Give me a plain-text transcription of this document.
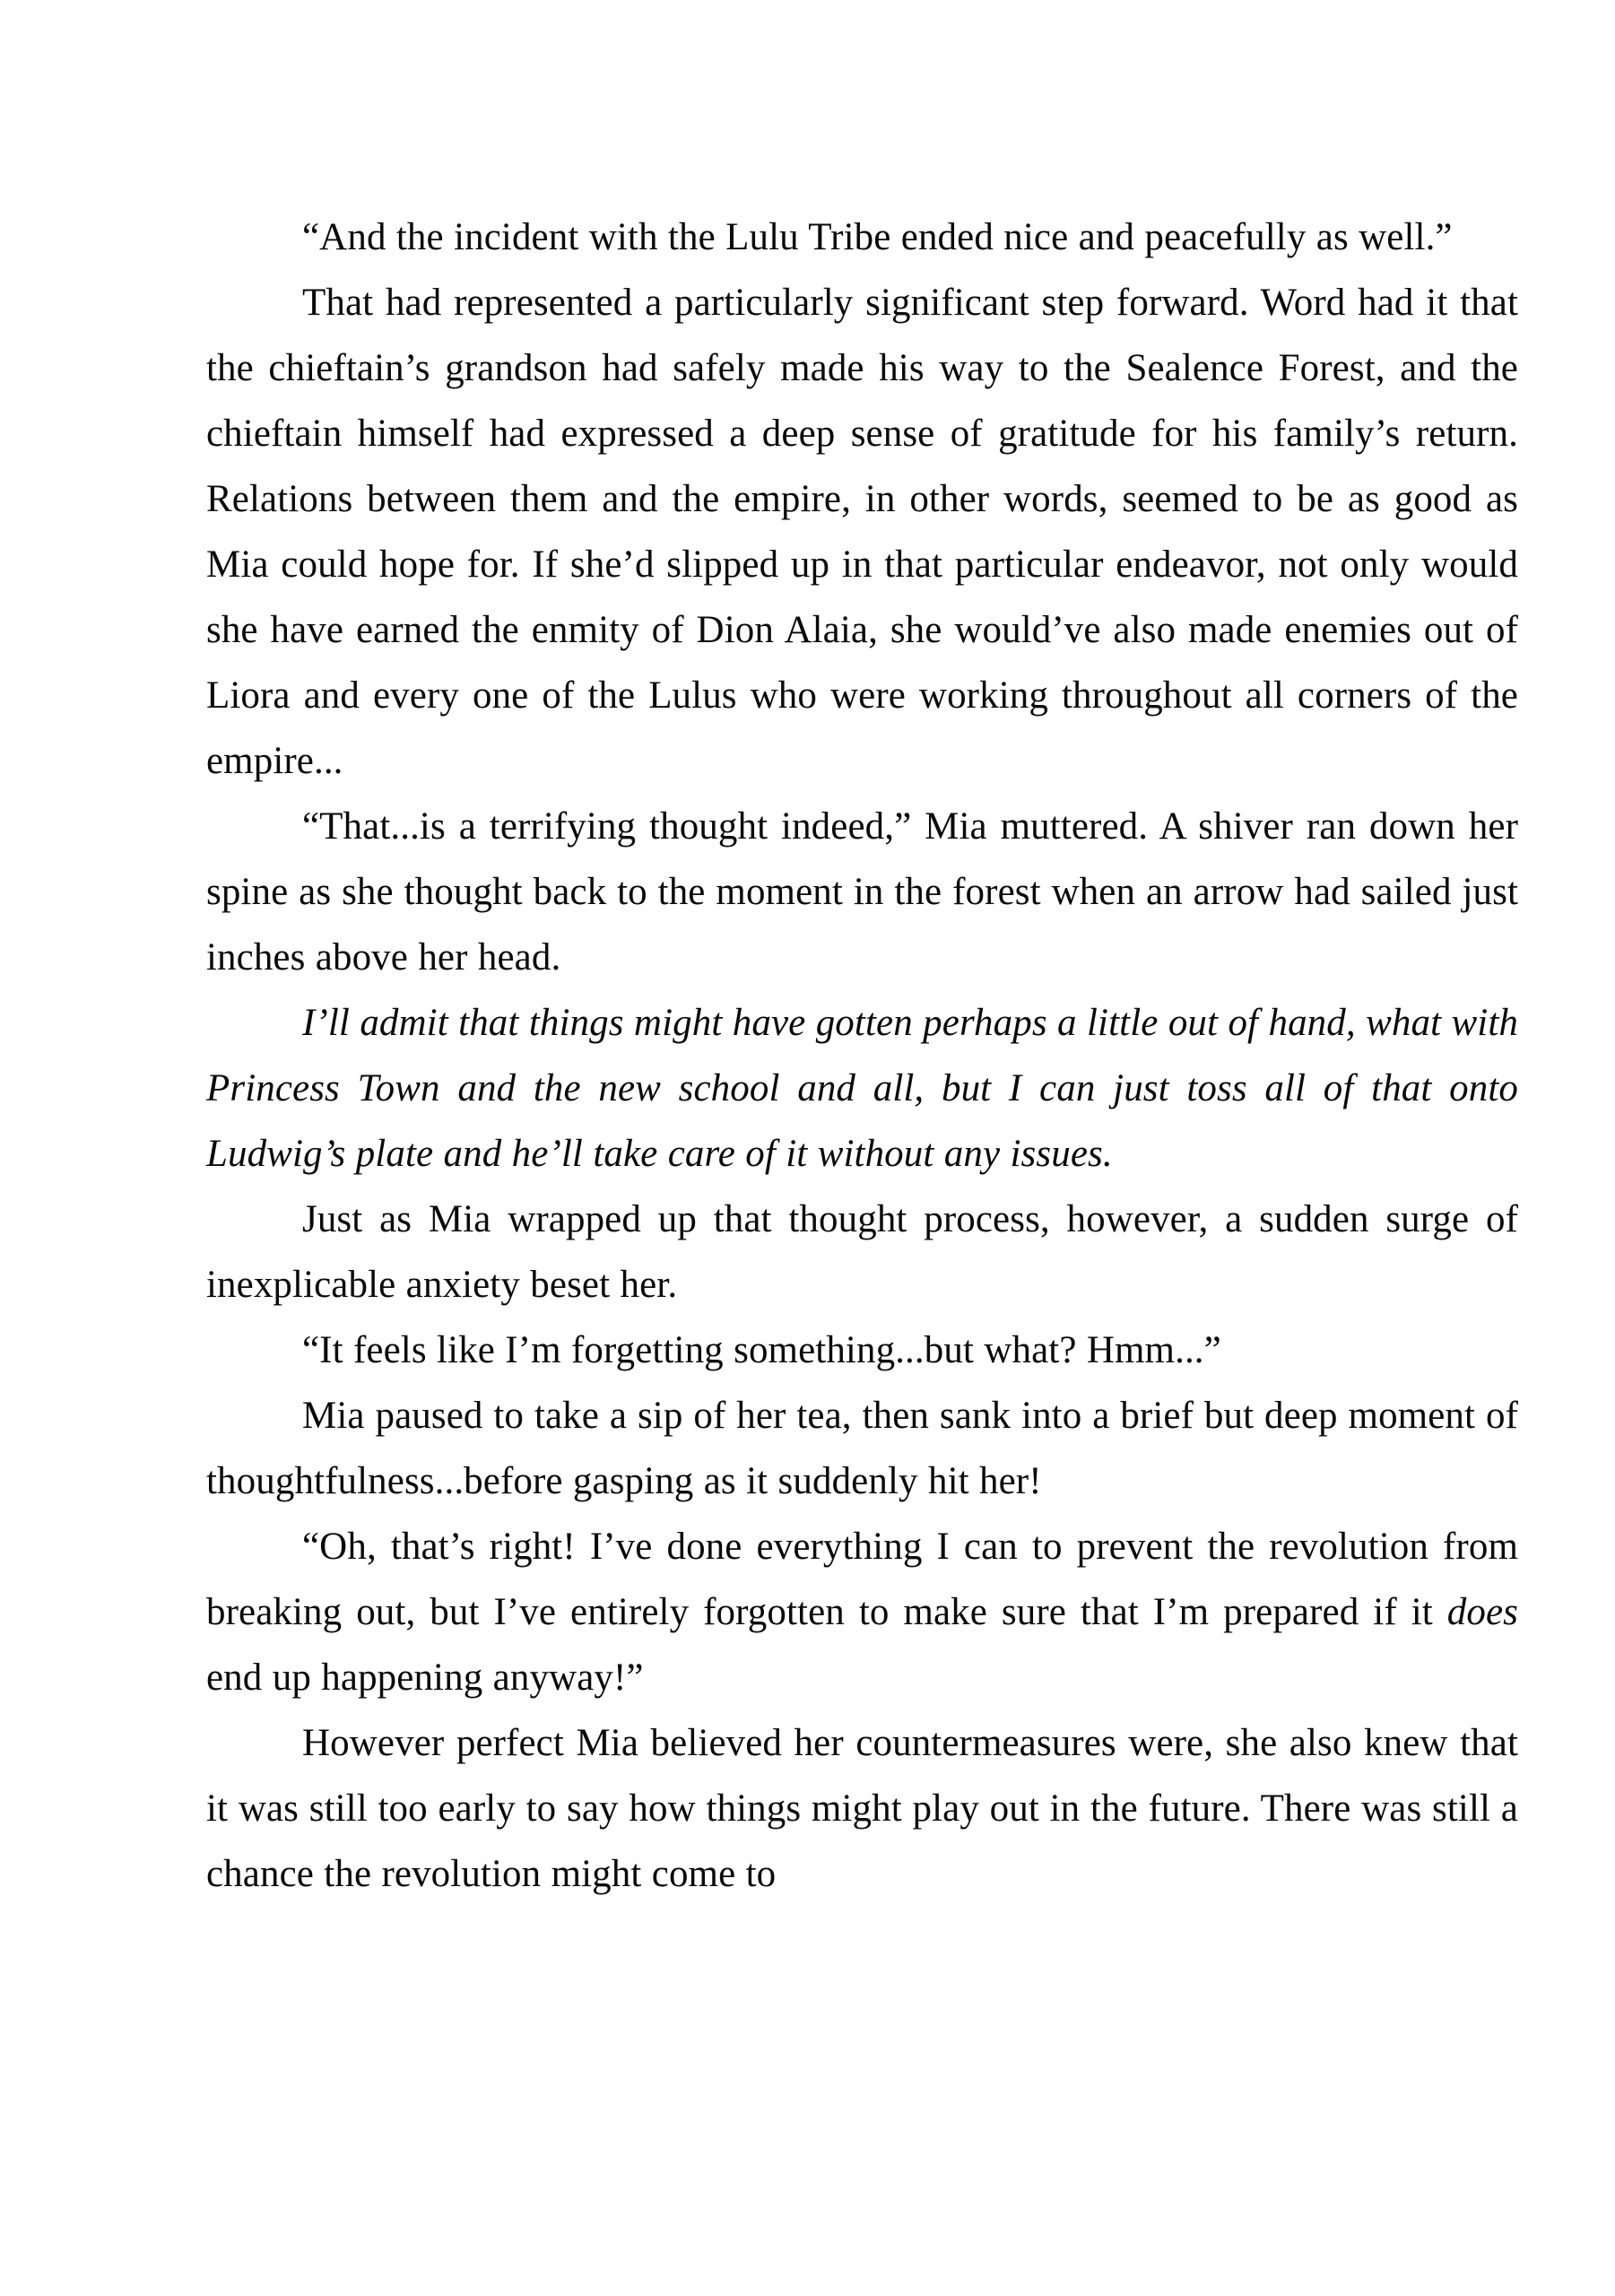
“And the incident with the Lulu Tribe ended nice and peacefully as well.”

That had represented a particularly significant step forward. Word had it that the chieftain’s grandson had safely made his way to the Sealence Forest, and the chieftain himself had expressed a deep sense of gratitude for his family’s return. Relations between them and the empire, in other words, seemed to be as good as Mia could hope for. If she’d slipped up in that particular endeavor, not only would she have earned the enmity of Dion Alaia, she would’ve also made enemies out of Liora and every one of the Lulus who were working throughout all corners of the empire...

“That...is a terrifying thought indeed,” Mia muttered. A shiver ran down her spine as she thought back to the moment in the forest when an arrow had sailed just inches above her head.

I’ll admit that things might have gotten perhaps a little out of hand, what with Princess Town and the new school and all, but I can just toss all of that onto Ludwig’s plate and he’ll take care of it without any issues.

Just as Mia wrapped up that thought process, however, a sudden surge of inexplicable anxiety beset her.

“It feels like I’m forgetting something...but what? Hmm...”

Mia paused to take a sip of her tea, then sank into a brief but deep moment of thoughtfulness...before gasping as it suddenly hit her!

“Oh, that’s right! I’ve done everything I can to prevent the revolution from breaking out, but I’ve entirely forgotten to make sure that I’m prepared if it does end up happening anyway!”

However perfect Mia believed her countermeasures were, she also knew that it was still too early to say how things might play out in the future. There was still a chance the revolution might come to
